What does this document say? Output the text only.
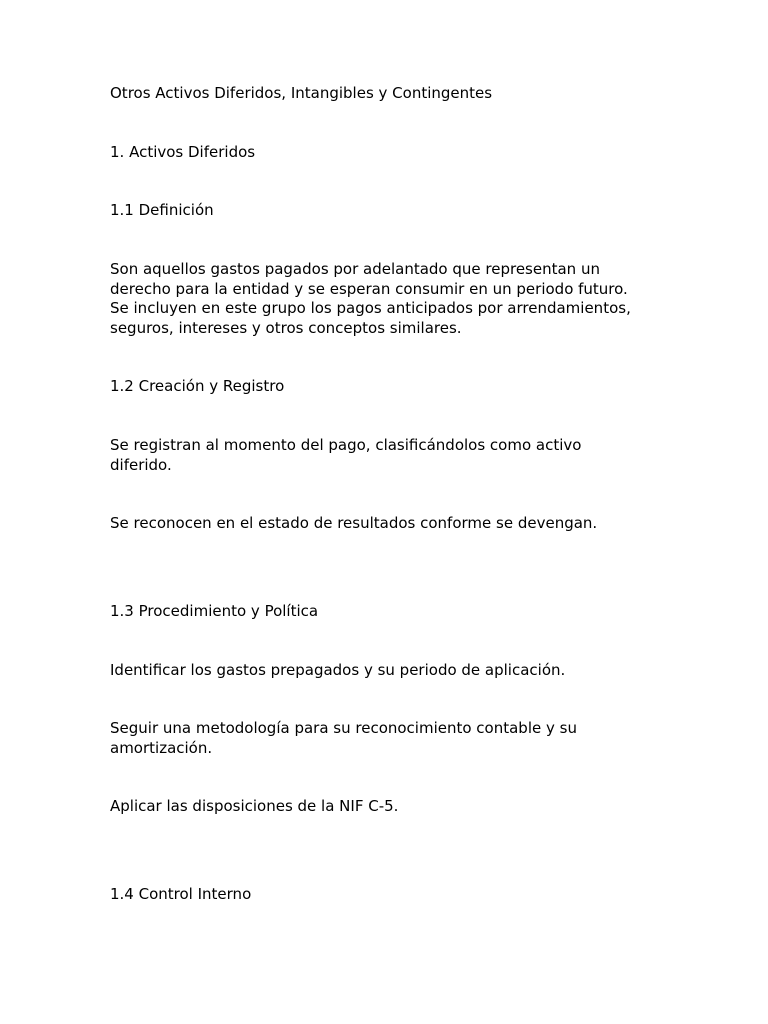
Otros Activos Diferidos, Intangibles y Contingentes

1. Activos Diferidos

1.1 Definición

Son aquellos gastos pagados por adelantado que representan un
derecho para la entidad y se esperan consumir en un periodo futuro.
Se incluyen en este grupo los pagos anticipados por arrendamientos,
seguros, intereses y otros conceptos similares.

1.2 Creación y Registro

Se registran al momento del pago, clasificándolos como activo
diferido.

Se reconocen en el estado de resultados conforme se devengan.

1.3 Procedimiento y Política

Identificar los gastos prepagados y su periodo de aplicación.

Seguir una metodología para su reconocimiento contable y su
amortización.

Aplicar las disposiciones de la NIF C-5.

1.4 Control Interno
